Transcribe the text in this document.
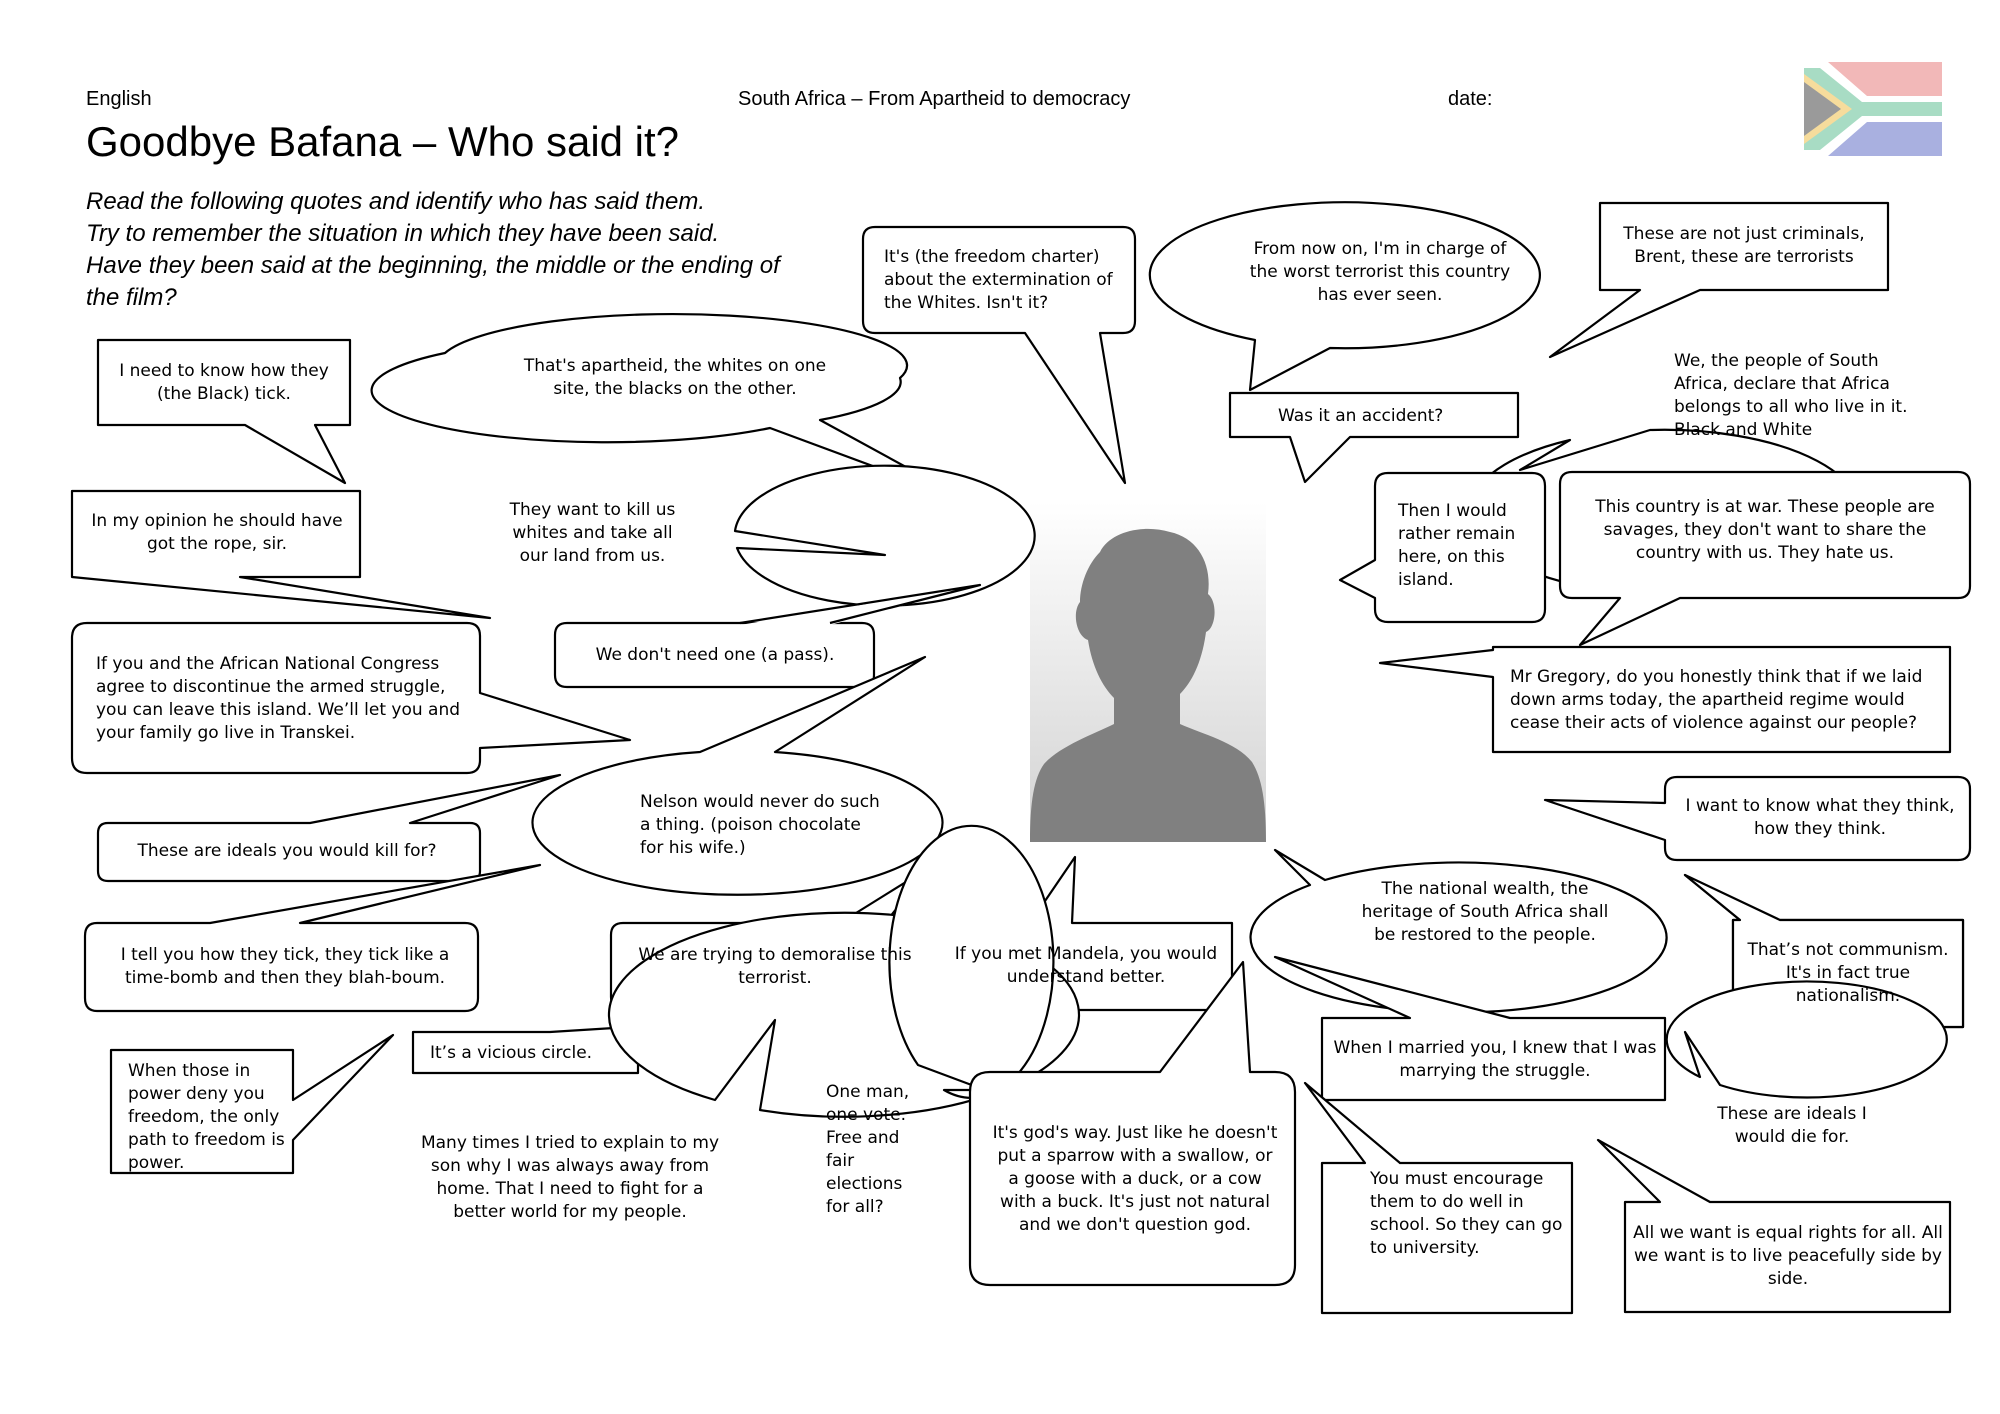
English	South Africa – From Apartheid to democracy	date:
Goodbye Bafana – Who said it?
Read the following quotes and identify who has said them.
Try to remember the situation in which they have been said.
Have they been said at the beginning, the middle or the ending of
the film?
I need to know how they (the Black) tick.
That's apartheid, the whites on one site, the blacks on the other.
It's (the freedom charter) about the extermination of the Whites. Isn't it?
From now on, I'm in charge of the worst terrorist this country has ever seen.
These are not just criminals, Brent, these are terrorists
We, the people of South Africa, declare that Africa belongs to all who live in it. Black and White
Was it an accident?
In my opinion he should have got the rope, sir.
They want to kill us whites and take all our land from us.
Then I would rather remain here, on this island.
This country is at war. These people are savages, they don't want to share the country with us. They hate us.
If you and the African National Congress agree to discontinue the armed struggle, you can leave this island. We’ll let you and your family go live in Transkei.
We don't need one (a pass).
Mr Gregory, do you honestly think that if we laid down arms today, the apartheid regime would cease their acts of violence against our people?
Nelson would never do such a thing. (poison chocolate for his wife.)
These are ideals you would kill for?
I want to know what they think, how they think.
The national wealth, the heritage of South Africa shall be restored to the people.
I tell you how they tick, they tick like a time-bomb and then they blah-boum.
We are trying to demoralise this terrorist.
If you met Mandela, you would understand better.
That’s not communism. It's in fact true nationalism.
It’s a vicious circle.	When I married you, I knew that I was marrying the struggle.
When those in power deny you freedom, the only path to freedom is power.
Many times I tried to explain to my son why I was always away from home. That I need to fight for a better world for my people.
One man, one vote. Free and fair elections for all?
It's god's way. Just like he doesn't put a sparrow with a swallow, or a goose with a duck, or a cow with a buck. It's just not natural and we don't question god.
These are ideals I would die for.
You must encourage them to do well in school. So they can go to university.
All we want is equal rights for all. All we want is to live peacefully side by side.
